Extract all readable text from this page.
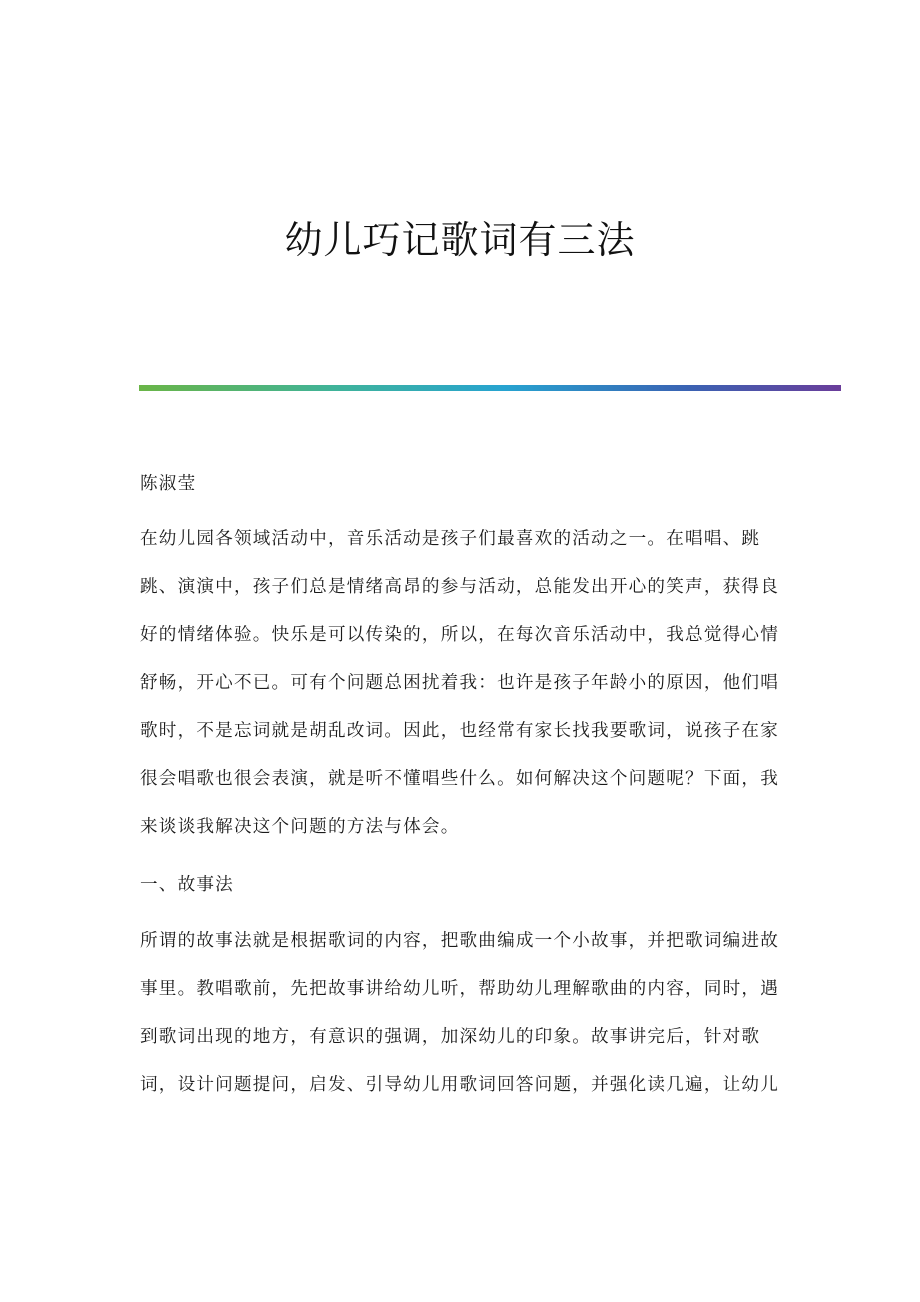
幼儿巧记歌词有三法
陈淑莹
在幼儿园各领域活动中，音乐活动是孩子们最喜欢的活动之一。在唱唱、跳
跳、演演中，孩子们总是情绪高昂的参与活动，总能发出开心的笑声，获得良
好的情绪体验。快乐是可以传染的，所以，在每次音乐活动中，我总觉得心情
舒畅，开心不已。可有个问题总困扰着我：也许是孩子年龄小的原因，他们唱
歌时，不是忘词就是胡乱改词。因此，也经常有家长找我要歌词，说孩子在家
很会唱歌也很会表演，就是听不懂唱些什么。如何解决这个问题呢？下面，我
来谈谈我解决这个问题的方法与体会。
一、故事法
所谓的故事法就是根据歌词的内容，把歌曲编成一个小故事，并把歌词编进故
事里。教唱歌前，先把故事讲给幼儿听，帮助幼儿理解歌曲的内容，同时，遇
到歌词出现的地方，有意识的强调，加深幼儿的印象。故事讲完后，针对歌
词，设计问题提问，启发、引导幼儿用歌词回答问题，并强化读几遍，让幼儿
